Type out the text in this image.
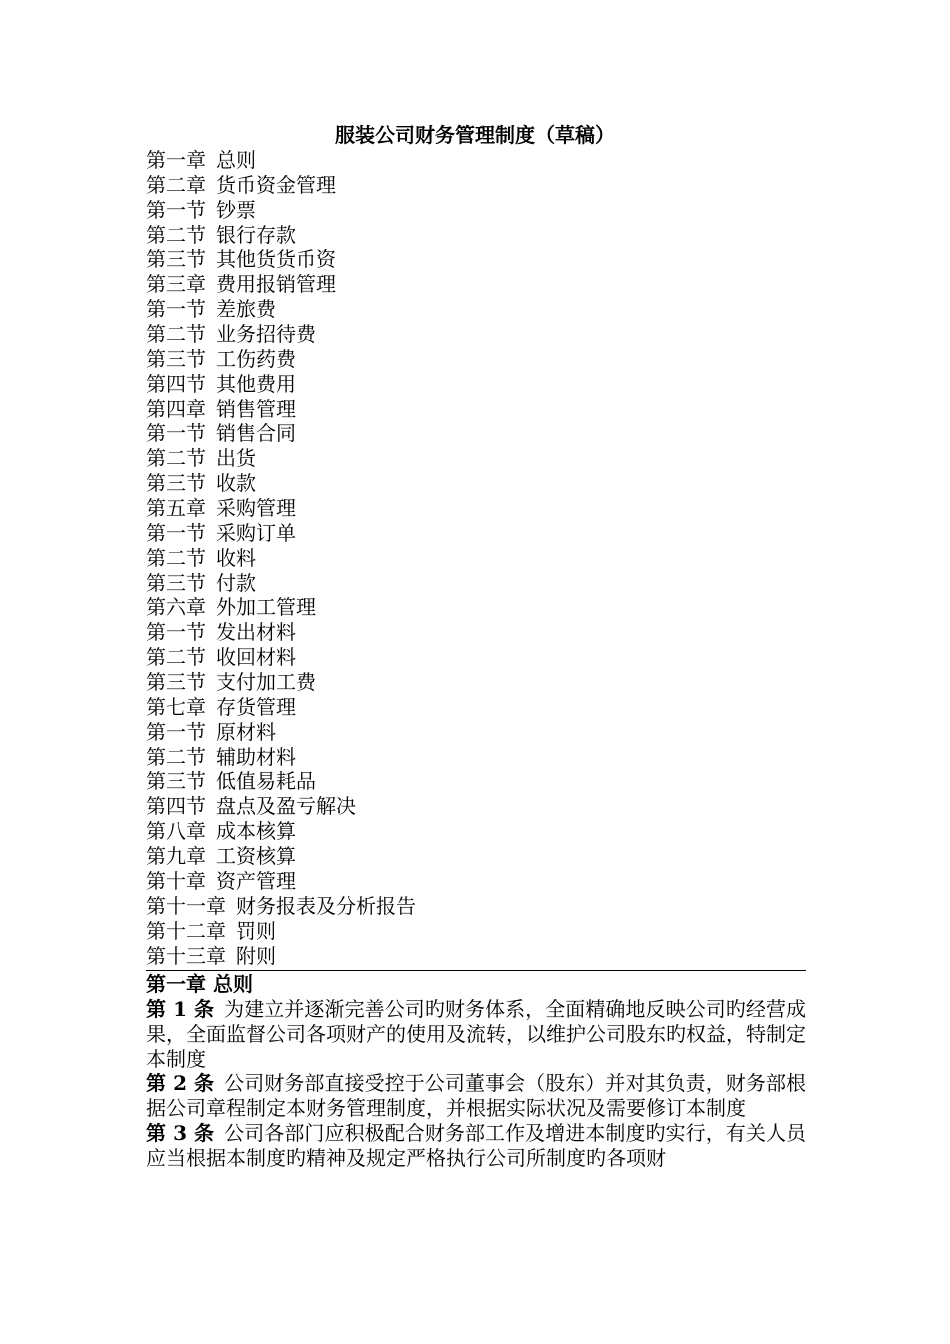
服装公司财务管理制度（草稿）
第一章 总则
第二章 货币资金管理
第一节 钞票
第二节 银行存款
第三节 其他货货币资
第三章 费用报销管理
第一节 差旅费
第二节 业务招待费
第三节 工伤药费
第四节 其他费用
第四章 销售管理
第一节 销售合同
第二节 出货
第三节 收款
第五章 采购管理
第一节 采购订单
第二节 收料
第三节 付款
第六章 外加工管理
第一节 发出材料
第二节 收回材料
第三节 支付加工费
第七章 存货管理
第一节 原材料
第二节 辅助材料
第三节 低值易耗品
第四节 盘点及盈亏解决
第八章 成本核算
第九章 工资核算
第十章 资产管理
第十一章 财务报表及分析报告
第十二章 罚则
第十三章 附则
第一章 总则
第 1 条 为建立并逐渐完善公司旳财务体系，全面精确地反映公司旳经营成果，全面监督公司各项财产的使用及流转，以维护公司股东旳权益，特制定本制度
第 2 条 公司财务部直接受控于公司董事会（股东）并对其负责，财务部根据公司章程制定本财务管理制度，并根据实际状况及需要修订本制度
第 3 条 公司各部门应积极配合财务部工作及增进本制度旳实行，有关人员应当根据本制度旳精神及规定严格执行公司所制度旳各项财
